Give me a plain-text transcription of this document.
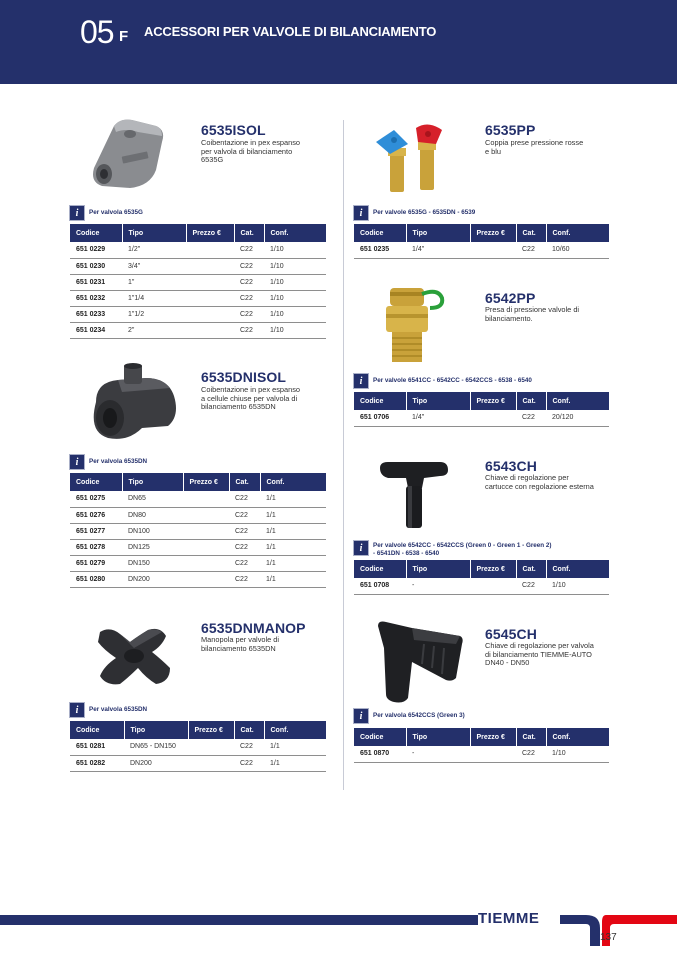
05 F ACCESSORI PER VALVOLE DI BILANCIAMENTO
6535ISOL
Coibentazione in pex espanso
per valvola di bilanciamento
6535G
i	Per valvola 6535G
Codice	Tipo	Prezzo €	Cat.	Conf.
651 0229	1/2"		C22	1/10
651 0230	3/4"		C22	1/10
651 0231	1"		C22	1/10
651 0232	1"1/4		C22	1/10
651 0233	1"1/2		C22	1/10
651 0234	2"		C22	1/10
6535DNISOL
Coibentazione in pex espanso
a cellule chiuse per valvola di
bilanciamento 6535DN
i	Per valvola 6535DN
Codice	Tipo	Prezzo €	Cat.	Conf.
651 0275	DN65		C22	1/1
651 0276	DN80		C22	1/1
651 0277	DN100		C22	1/1
651 0278	DN125		C22	1/1
651 0279	DN150		C22	1/1
651 0280	DN200		C22	1/1
6535DNMANOP
Manopola per valvole di
bilanciamento 6535DN
i	Per valvola 6535DN
Codice	Tipo	Prezzo €	Cat.	Conf.
651 0281	DN65 - DN150		C22	1/1
651 0282	DN200		C22	1/1
6535PP
Coppia prese pressione rosse
e blu
i	Per valvole 6535G - 6535DN - 6539
Codice	Tipo	Prezzo €	Cat.	Conf.
651 0235	1/4"		C22	10/60
6542PP
Presa di pressione valvole di
bilanciamento.
i	Per valvole 6541CC - 6542CC - 6542CCS - 6538 - 6540
Codice	Tipo	Prezzo €	Cat.	Conf.
651 0706	1/4"		C22	20/120
6543CH
Chiave di regolazione per
cartucce con regolazione esterna
i	Per valvole 6542CC - 6542CCS (Green 0 - Green 1 - Green 2)
- 6541DN - 6538 - 6540
Codice	Tipo	Prezzo €	Cat.	Conf.
651 0708	-		C22	1/10
6545CH
Chiave di regolazione per valvola
di bilanciamento TIEMME-AUTO
DN40 - DN50
i	Per valvola 6542CCS (Green 3)
Codice	Tipo	Prezzo €	Cat.	Conf.
651 0870	-		C22	1/10
TIEMME
137
